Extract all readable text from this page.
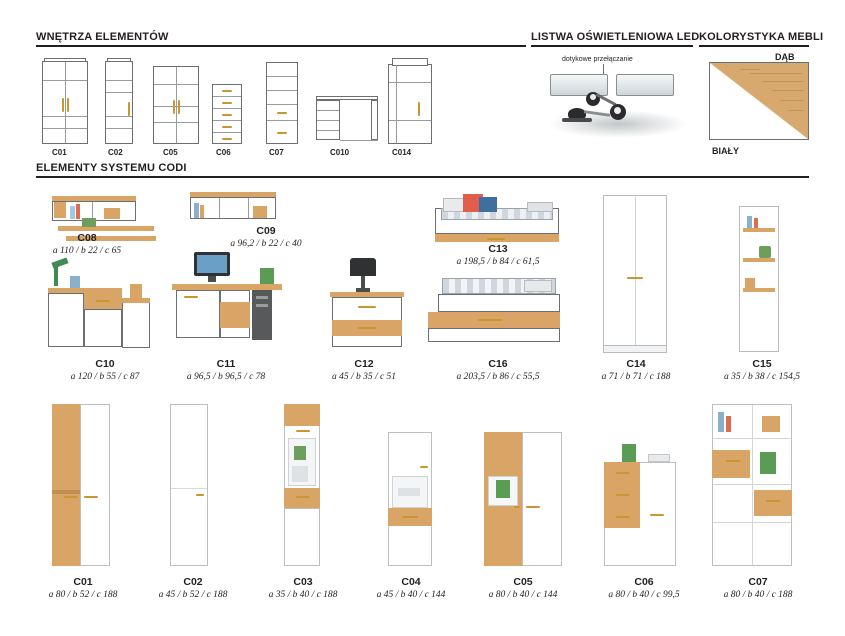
WNĘTRZA ELEMENTÓW	LISTWA OŚWIETLENIOWA LED KOLORYSTYKA MEBLI
C01	C02	C05	C06	C07	C010	C014
dotykowe przełączanie	DĄB
BIAŁY
ELEMENTY SYSTEMU CODI
C08
a 110 / b 22 / c 65
C09
a 96,2 / b 22 / c 40	C13
a 198,5 / b 84 / c 61,5
C14
a 71 / b 71 / c 188
C15
a 35 / b 38 / c 154,5
C10
a 120 / b 55 / c 87
C11
a 96,5 / b 96,5 / c 78
C12
a 45 / b 35 / c 51
C16
a 203,5 / b 86 / c 55,5
C01
a 80 / b 52 / c 188
C02
a 45 / b 52 / c 188
C03
a 35 / b 40 / c 188
C04
a 45 / b 40 / c 144
C05
a 80 / b 40 / c 144
C06
a 80 / b 40 / c 99,5
C07
a 80 / b 40 / c 188
